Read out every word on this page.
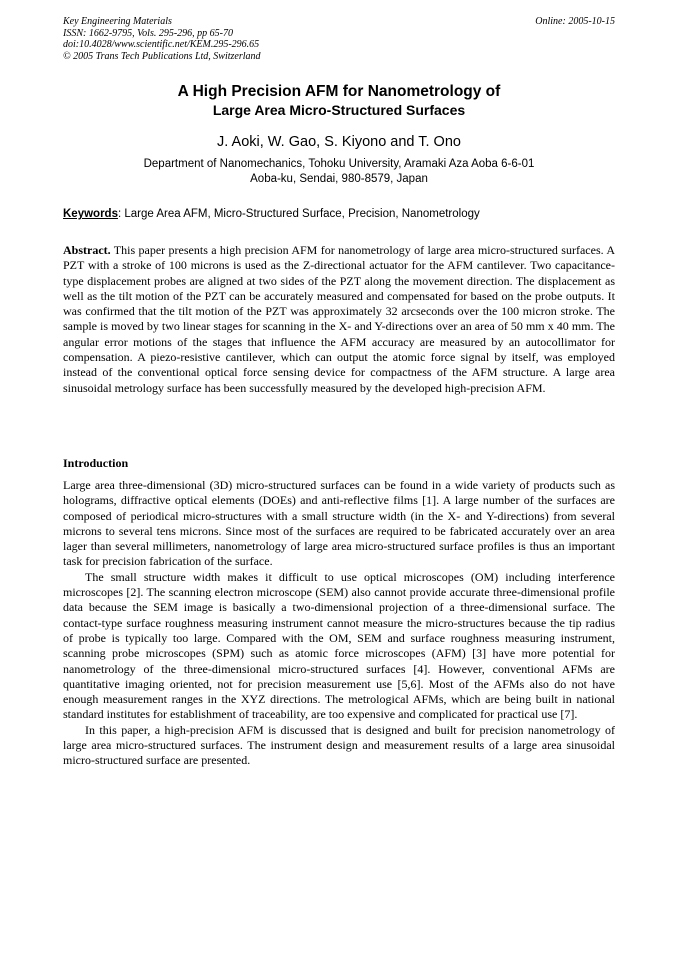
Key Engineering Materials
ISSN: 1662-9795, Vols. 295-296, pp 65-70
doi:10.4028/www.scientific.net/KEM.295-296.65
© 2005 Trans Tech Publications Ltd, Switzerland
Online: 2005-10-15
A High Precision AFM for Nanometrology of
Large Area Micro-Structured Surfaces
J. Aoki, W. Gao, S. Kiyono and T. Ono
Department of Nanomechanics, Tohoku University, Aramaki Aza Aoba 6-6-01
Aoba-ku, Sendai, 980-8579, Japan
Keywords: Large Area AFM, Micro-Structured Surface, Precision, Nanometrology
Abstract. This paper presents a high precision AFM for nanometrology of large area micro-structured surfaces. A PZT with a stroke of 100 microns is used as the Z-directional actuator for the AFM cantilever. Two capacitance-type displacement probes are aligned at two sides of the PZT along the movement direction. The displacement as well as the tilt motion of the PZT can be accurately measured and compensated for based on the probe outputs. It was confirmed that the tilt motion of the PZT was approximately 32 arcseconds over the 100 micron stroke. The sample is moved by two linear stages for scanning in the X- and Y-directions over an area of 50 mm x 40 mm. The angular error motions of the stages that influence the AFM accuracy are measured by an autocollimator for compensation. A piezo-resistive cantilever, which can output the atomic force signal by itself, was employed instead of the conventional optical force sensing device for compactness of the AFM structure. A large area sinusoidal metrology surface has been successfully measured by the developed high-precision AFM.
Introduction

Large area three-dimensional (3D) micro-structured surfaces can be found in a wide variety of products such as holograms, diffractive optical elements (DOEs) and anti-reflective films [1]. A large number of the surfaces are composed of periodical micro-structures with a small structure width (in the X- and Y-directions) from several microns to several tens microns. Since most of the surfaces are required to be fabricated accurately over an area lager than several millimeters, nanometrology of large area micro-structured surface profiles is thus an important task for precision fabrication of the surface.

The small structure width makes it difficult to use optical microscopes (OM) including interference microscopes [2]. The scanning electron microscope (SEM) also cannot provide accurate three-dimensional profile data because the SEM image is basically a two-dimensional projection of a three-dimensional surface. The contact-type surface roughness measuring instrument cannot measure the micro-structures because the tip radius of probe is typically too large. Compared with the OM, SEM and surface roughness measuring instrument, scanning probe microscopes (SPM) such as atomic force microscopes (AFM) [3] have more potential for nanometrology of the three-dimensional micro-structured surfaces [4]. However, conventional AFMs are quantitative imaging oriented, not for precision measurement use [5,6]. Most of the AFMs also do not have enough measurement ranges in the XYZ directions. The metrological AFMs, which are being built in national standard institutes for establishment of traceability, are too expensive and complicated for practical use [7].

In this paper, a high-precision AFM is discussed that is designed and built for precision nanometrology of large area micro-structured surfaces. The instrument design and measurement results of a large area sinusoidal micro-structured surface are presented.
